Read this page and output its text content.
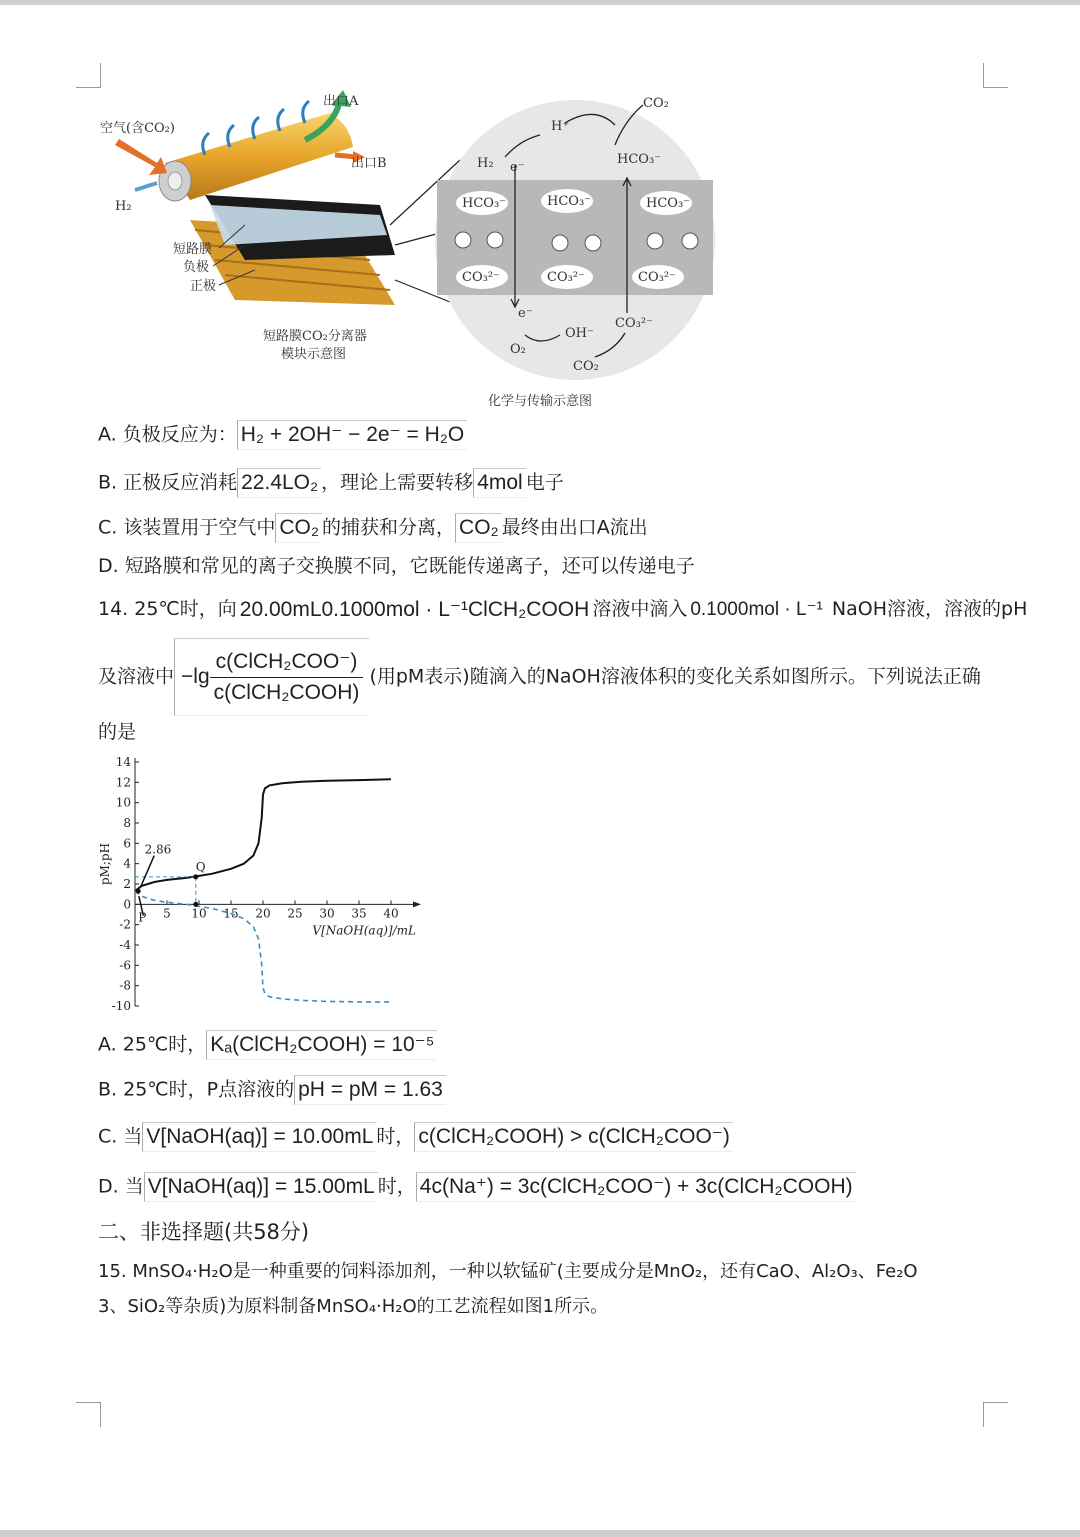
出口A
出口B
空气(含CO₂)
H₂
短路膜
负极
正极
短路膜CO₂分离器
模块示意图
H⁺
CO₂
HCO₃⁻
H₂ e⁻
HCO₃⁻	HCO₃⁻	HCO₃⁻
CO₃²⁻	CO₃²⁻	CO₃²⁻
e⁻
O₂
OH⁻
CO₃²⁻
CO₂
化学与传输示意图
A. 负极反应为： H₂ + 2OH⁻ − 2e⁻ = H₂O
B. 正极反应消耗 22.4LO₂ ，理论上需要转移 4mol 电子
C. 该装置用于空气中 CO₂ 的捕获和分离， CO₂ 最终由出口A流出
D. 短路膜和常见的离子交换膜不同，它既能传递离子，还可以传递电子
14. 25℃时，向 20.00mL0.1000mol · L⁻¹ClCH₂COOH 溶液中滴入 0.1000mol · L⁻¹ NaOH溶液，溶液的pH
及溶液中 $-\lg \frac{\text{c(ClCH₂COO⁻)}}{\text{c(ClCH₂COOH)}}$ (用pM表示)随滴入的NaOH溶液体积的变化关系如图所示。下列说法正确
的是
14
12
10
8
6
4
2
0
-2
-4
-6
-8
-10
5 10 15 20 25 30 35 40
V[NaOH(aq)]/mL
pM;pH	2.86
Q
P
A. 25℃时， Kₐ(ClCH₂COOH) = 10⁻⁵
B. 25℃时，P点溶液的 pH = pM = 1.63
C. 当 V[NaOH(aq)] = 10.00mL 时， c(ClCH₂COOH) > c(ClCH₂COO⁻)
D. 当 V[NaOH(aq)] = 15.00mL 时， 4c(Na⁺) = 3c(ClCH₂COO⁻) + 3c(ClCH₂COOH)
二、非选择题(共58分)
15. MnSO₄·H₂O是一种重要的饲料添加剂，一种以软锰矿(主要成分是MnO₂，还有CaO、Al₂O₃、Fe₂O
3、SiO₂等杂质)为原料制备MnSO₄·H₂O的工艺流程如图1所示。
